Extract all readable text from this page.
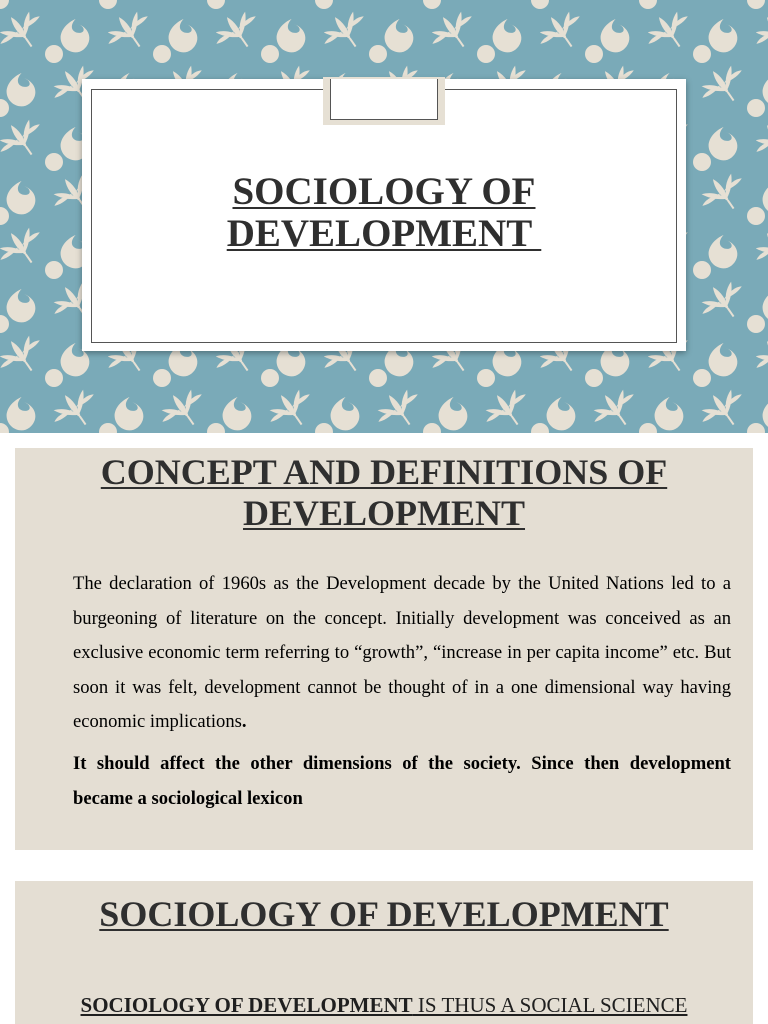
SOCIOLOGY OF
DEVELOPMENT
CONCEPT AND DEFINITIONS OF
DEVELOPMENT

The declaration of 1960s as the Development decade by the United Nations led to a burgeoning of literature on the concept. Initially development was conceived as an exclusive economic term referring to “growth”, “increase in per capita income” etc. But soon it was felt, development cannot be thought of in a one dimensional way having economic implications.

It should affect the other dimensions of the society. Since then development became a sociological lexicon

SOCIOLOGY OF DEVELOPMENT

SOCIOLOGY OF DEVELOPMENT IS THUS A SOCIAL SCIENCE
